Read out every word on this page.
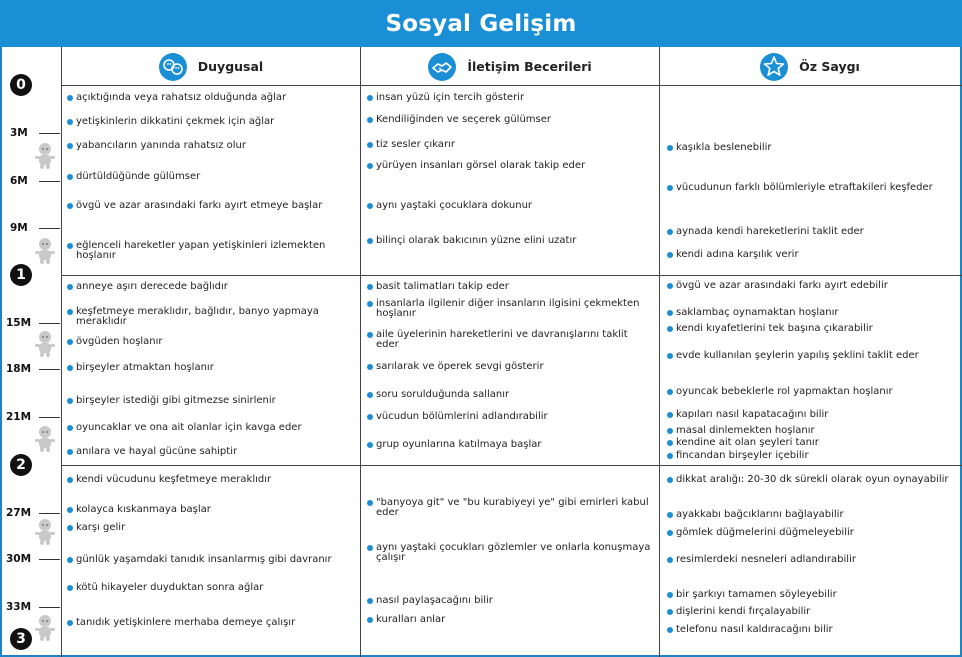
Sosyal Gelişim
Duygusal	İletişim Becerileri	Öz Saygı
0
1
2
3
3M
6M
9M
15M
18M
21M
27M
30M
33M
açıktığında veya rahatsız olduğunda ağlar
yetişkinlerin dikkatini çekmek için ağlar
yabancıların yanında rahatsız olur
dürtüldüğünde gülümser
övgü ve azar arasındaki farkı ayırt etmeye başlar
eğlenceli hareketler yapan yetişkinleri izlemekten hoşlanır
anneye aşırı derecede bağlıdır
keşfetmeye meraklıdır, bağlıdır, banyo yapmaya meraklıdır
övgüden hoşlanır
birşeyler atmaktan hoşlanır
birşeyler istediği gibi gitmezse sinirlenir
oyuncaklar ve ona ait olanlar için kavga eder
anılara ve hayal gücüne sahiptir
kendi vücudunu keşfetmeye meraklıdır
kolayca kıskanmaya başlar
karşı gelir
günlük yaşamdaki tanıdık insanlarmış gibi davranır
kötü hikayeler duyduktan sonra ağlar
tanıdık yetişkinlere merhaba demeye çalışır
insan yüzü için tercih gösterir
Kendiliğinden ve seçerek gülümser
tiz sesler çıkarır
yürüyen insanları görsel olarak takip eder
aynı yaştaki çocuklara dokunur
bilinçi olarak bakıcının yüzne elini uzatır
basit talimatları takip eder
insanlarla ilgilenir diğer insanların ilgisini çekmekten hoşlanır
aile üyelerinin hareketlerini ve davranışlarını taklit eder
sarılarak ve öperek sevgi gösterir
soru sorulduğunda sallanır
vücudun bölümlerini adlandırabilir
grup oyunlarına katılmaya başlar
"banyoya git" ve "bu kurabiyeyi ye" gibi emirleri kabul eder
aynı yaştaki çocukları gözlemler ve onlarla konuşmaya çalışır
nasıl paylaşacağını bilir
kuralları anlar
kaşıkla beslenebilir
vücudunun farklı bölümleriyle etraftakileri keşfeder
aynada kendi hareketlerini taklit eder
kendi adına karşılık verir
övgü ve azar arasındaki farkı ayırt edebilir
saklambaç oynamaktan hoşlanır
kendi kıyafetlerini tek başına çıkarabilir
evde kullanılan şeylerin yapılış şeklini taklit eder
oyuncak bebeklerle rol yapmaktan hoşlanır
kapıları nasıl kapatacağını bilir
masal dinlemekten hoşlanır
kendine ait olan şeyleri tanır
fincandan birşeyler içebilir
dikkat aralığı: 20-30 dk sürekli olarak oyun oynayabilir
ayakkabı bağcıklarını bağlayabilir
gömlek düğmelerini düğmeleyebilir
resimlerdeki nesneleri adlandırabilir
bir şarkıyı tamamen söyleyebilir
dişlerini kendi fırçalayabilir
telefonu nasıl kaldıracağını bilir
